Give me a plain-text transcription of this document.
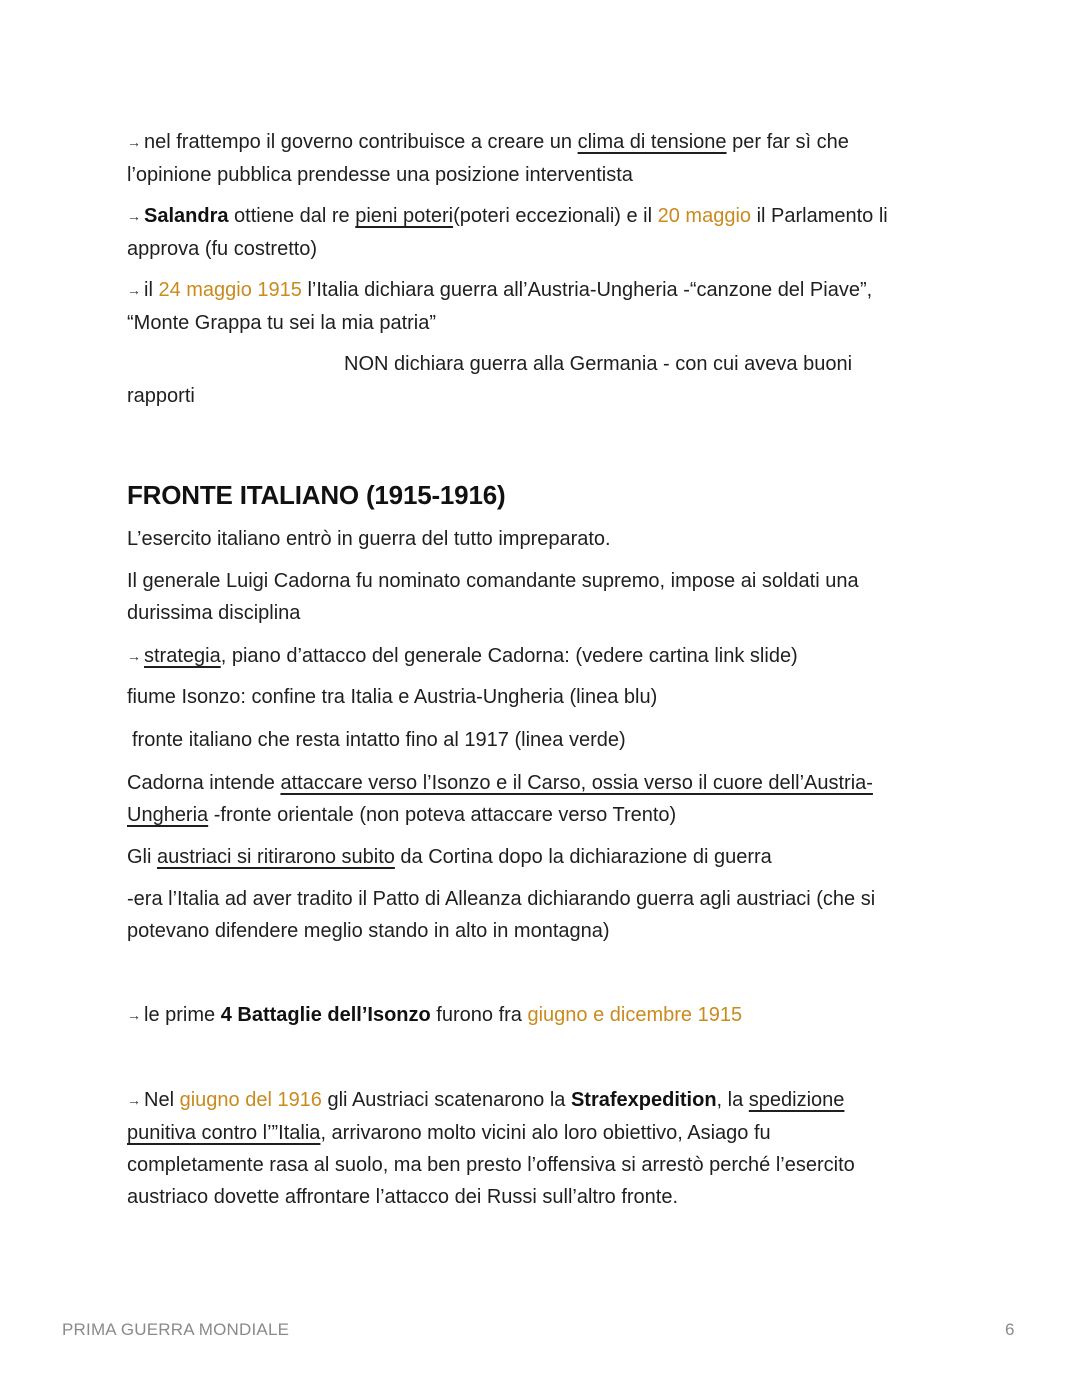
→ nel frattempo il governo contribuisce a creare un clima di tensione per far sì che
l’opinione pubblica prendesse una posizione interventista

→ Salandra ottiene dal re pieni poteri(poteri eccezionali) e il 20 maggio il Parlamento li
approva (fu costretto)

→ il 24 maggio 1915 l’Italia dichiara guerra all’Austria-Ungheria -“canzone del Piave”,
“Monte Grappa tu sei la mia patria”

NON dichiara guerra alla Germania - con cui aveva buoni

rapporti

FRONTE ITALIANO (1915-1916)

L’esercito italiano entrò in guerra del tutto impreparato.

Il generale Luigi Cadorna fu nominato comandante supremo, impose ai soldati una
durissima disciplina

→ strategia, piano d’attacco del generale Cadorna: (vedere cartina link slide)

fiume Isonzo: confine tra Italia e Austria-Ungheria (linea blu)

fronte italiano che resta intatto fino al 1917 (linea verde)

Cadorna intende attaccare verso l’Isonzo e il Carso, ossia verso il cuore dell’Austria-
Ungheria -fronte orientale (non poteva attaccare verso Trento)

Gli austriaci si ritirarono subito da Cortina dopo la dichiarazione di guerra

-era l’Italia ad aver tradito il Patto di Alleanza dichiarando guerra agli austriaci (che si
potevano difendere meglio stando in alto in montagna)

→ le prime 4 Battaglie dell’Isonzo furono fra giugno e dicembre 1915

→ Nel giugno del 1916 gli Austriaci scatenarono la Strafexpedition, la spedizione
punitiva contro l’”Italia, arrivarono molto vicini alo loro obiettivo, Asiago fu
completamente rasa al suolo, ma ben presto l’offensiva si arrestò perché l’esercito
austriaco dovette affrontare l’attacco dei Russi sull’altro fronte.

PRIMA GUERRA MONDIALE	6
